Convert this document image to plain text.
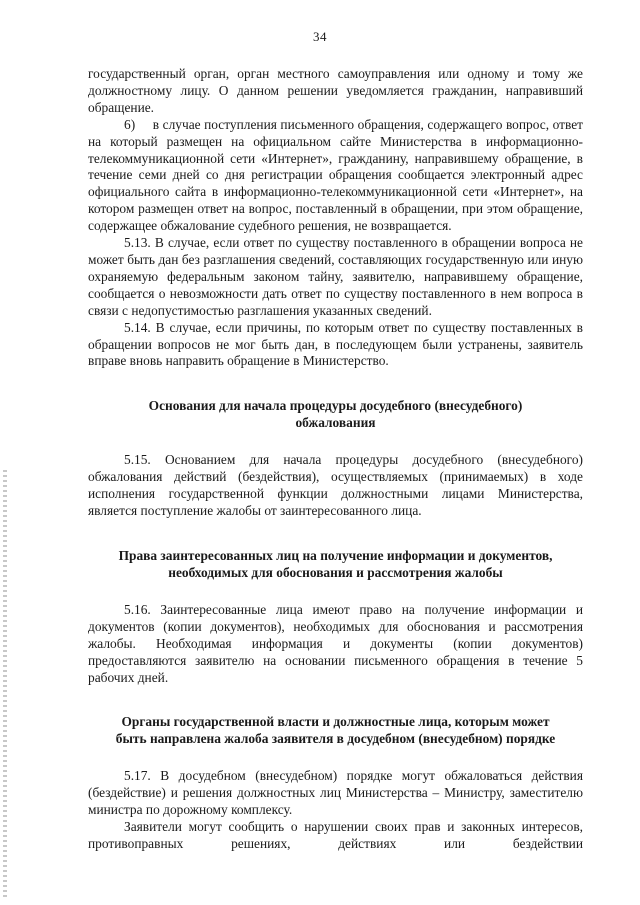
34

государственный орган, орган местного самоуправления или одному и тому же должностному лицу. О данном решении уведомляется гражданин, направивший обращение.

6)     в случае поступления письменного обращения, содержащего вопрос, ответ на который размещен на официальном сайте Министерства в информационно-телекоммуникационной сети «Интернет», гражданину, направившему обращение, в течение семи дней со дня регистрации обращения сообщается электронный адрес официального сайта в информационно-телекоммуникационной сети «Интернет», на котором размещен ответ на вопрос, поставленный в обращении, при этом обращение, содержащее обжалование судебного решения, не возвращается.

5.13. В случае, если ответ по существу поставленного в обращении вопроса не может быть дан без разглашения сведений, составляющих государственную или иную охраняемую федеральным законом тайну, заявителю, направившему обращение, сообщается о невозможности дать ответ по существу поставленного в нем вопроса в связи с недопустимостью разглашения указанных сведений.

5.14. В случае, если причины, по которым ответ по существу поставленных в обращении вопросов не мог быть дан, в последующем были устранены, заявитель вправе вновь направить обращение в Министерство.

Основания для начала процедуры досудебного (внесудебного)
обжалования

5.15. Основанием для начала процедуры досудебного (внесудебного) обжалования действий (бездействия), осуществляемых (принимаемых) в ходе исполнения государственной функции должностными лицами Министерства, является поступление жалобы от заинтересованного лица.

Права заинтересованных лиц на получение информации и документов,
необходимых для обоснования и рассмотрения жалобы

5.16. Заинтересованные лица имеют право на получение информации и документов (копии документов), необходимых для обоснования и рассмотрения жалобы. Необходимая информация и документы (копии документов) предоставляются заявителю на основании письменного обращения в течение 5 рабочих дней.

Органы государственной власти и должностные лица, которым может
быть направлена жалоба заявителя в досудебном (внесудебном) порядке

5.17. В досудебном (внесудебном) порядке могут обжаловаться действия (бездействие) и решения должностных лиц Министерства – Министру, заместителю министра по дорожному комплексу.

Заявители могут сообщить о нарушении своих прав и законных интересов, противоправных решениях, действиях или бездействии
